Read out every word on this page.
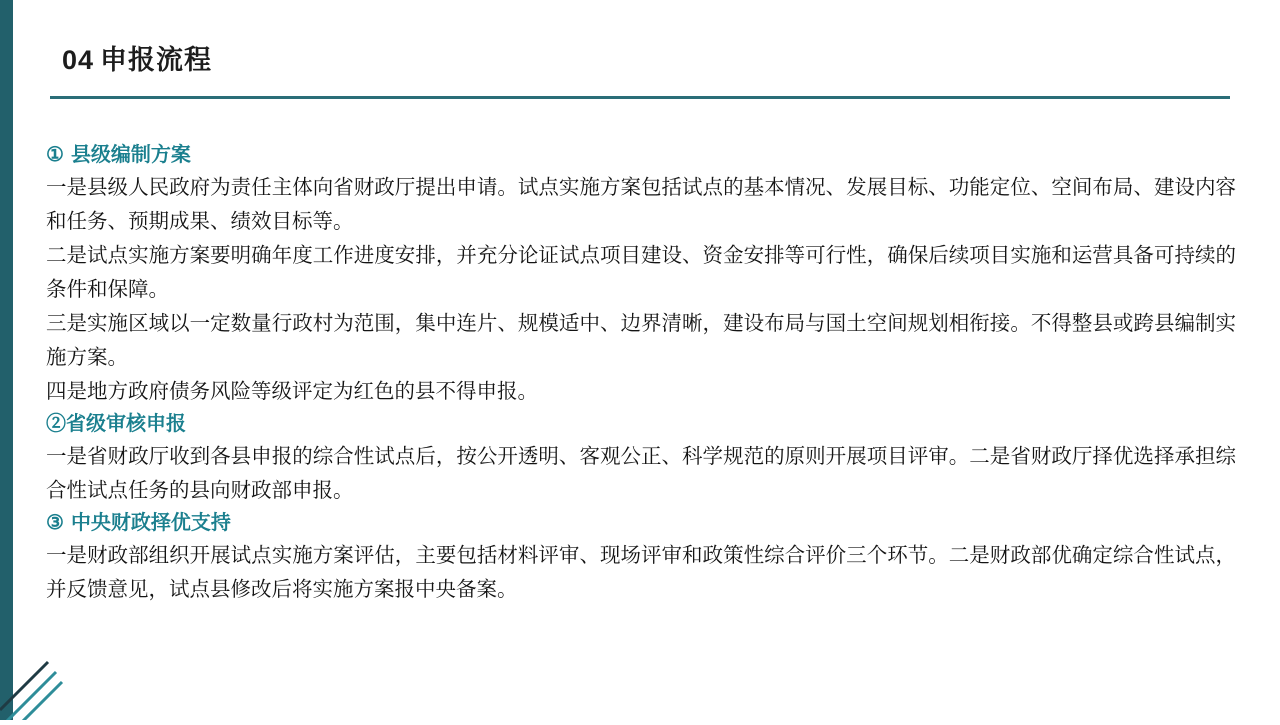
04 申报流程
① 县级编制方案

一是县级人民政府为责任主体向省财政厅提出申请。试点实施方案包括试点的基本情况、发展目标、功能定位、空间布局、建设内容和任务、预期成果、绩效目标等。

二是试点实施方案要明确年度工作进度安排，并充分论证试点项目建设、资金安排等可行性，确保后续项目实施和运营具备可持续的条件和保障。

三是实施区域以一定数量行政村为范围，集中连片、规模适中、边界清晰，建设布局与国土空间规划相衔接。不得整县或跨县编制实施方案。

四是地方政府债务风险等级评定为红色的县不得申报。

②省级审核申报

一是省财政厅收到各县申报的综合性试点后，按公开透明、客观公正、科学规范的原则开展项目评审。二是省财政厅择优选择承担综合性试点任务的县向财政部申报。

③ 中央财政择优支持

一是财政部组织开展试点实施方案评估，主要包括材料评审、现场评审和政策性综合评价三个环节。二是财政部优确定综合性试点，并反馈意见，试点县修改后将实施方案报中央备案。
